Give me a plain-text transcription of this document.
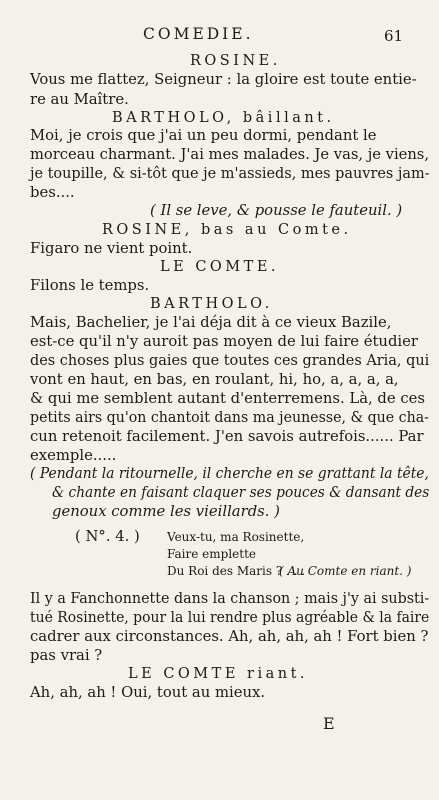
COMEDIE.	61
ROSINE.
Vous me flattez, Seigneur : la gloire est toute entie-
re au Maître.
BARTHOLO, bâillant.
Moi, je crois que j'ai un peu dormi, pendant le
morceau charmant. J'ai mes malades. Je vas, je viens,
je toupille, & si-tôt que je m'assieds, mes pauvres jam-
bes....
( Il se leve, & pousse le fauteuil. )
ROSINE, bas au Comte.
Figaro ne vient point.
LE COMTE.
Filons le temps.
BARTHOLO.
Mais, Bachelier, je l'ai déja dit à ce vieux Bazile,
est-ce qu'il n'y auroit pas moyen de lui faire étudier
des choses plus gaies que toutes ces grandes Aria, qui
vont en haut, en bas, en roulant, hi, ho, a, a, a, a,
& qui me semblent autant d'enterremens. Là, de ces
petits airs qu'on chantoit dans ma jeunesse, & que cha-
cun retenoit facilement. J'en savois autrefois...... Par
exemple.....
( Pendant la ritournelle, il cherche en se grattant la tête,
& chante en faisant claquer ses pouces & dansant des
genoux comme les vieillards. )
( N°. 4. ) Veux-tu, ma Rosinette,
Faire emplette
Du Roi des Maris ? . . .
( Au Comte en riant. )
Il y a Fanchonnette dans la chanson ; mais j'y ai substi-
tué Rosinette, pour la lui rendre plus agréable & la faire
cadrer aux circonstances. Ah, ah, ah, ah ! Fort bien ?
pas vrai ?
LE COMTE riant.
Ah, ah, ah ! Oui, tout au mieux.
E
